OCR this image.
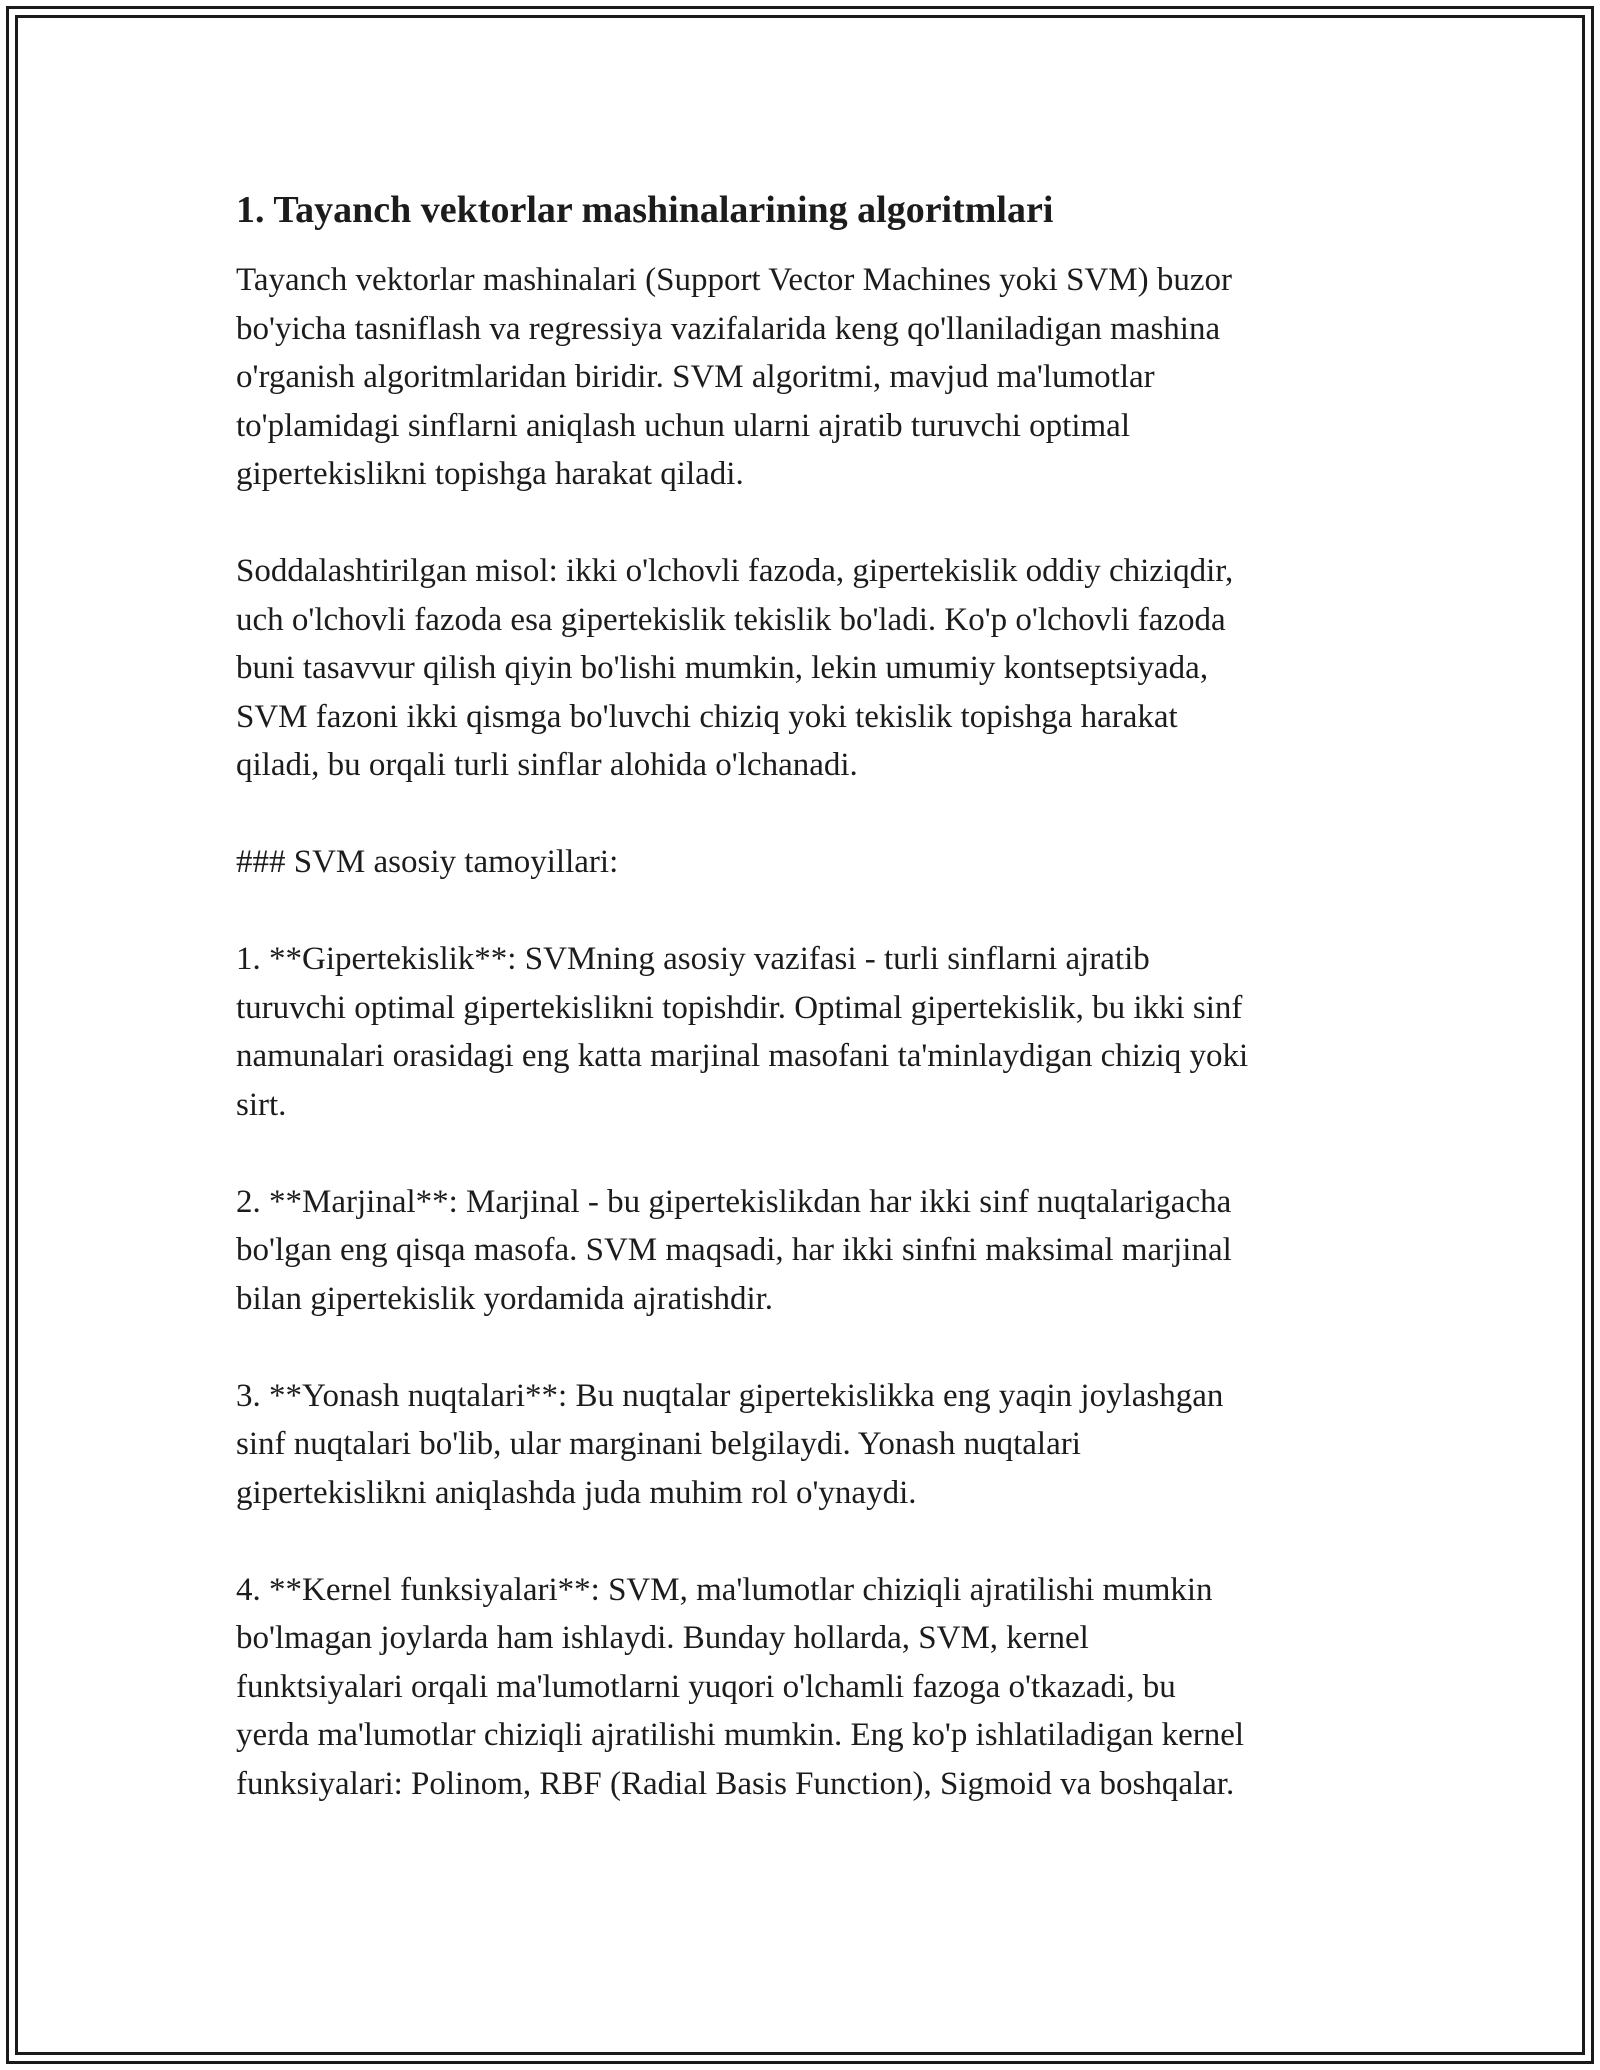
1. Tayanch vektorlar mashinalarining algoritmlari

Tayanch vektorlar mashinalari (Support Vector Machines yoki SVM) buzor
bo'yicha tasniflash va regressiya vazifalarida keng qo'llaniladigan mashina
o'rganish algoritmlaridan biridir. SVM algoritmi, mavjud ma'lumotlar
to'plamidagi sinflarni aniqlash uchun ularni ajratib turuvchi optimal
gipertekislikni topishga harakat qiladi.

Soddalashtirilgan misol: ikki o'lchovli fazoda, gipertekislik oddiy chiziqdir,
uch o'lchovli fazoda esa gipertekislik tekislik bo'ladi. Ko'p o'lchovli fazoda
buni tasavvur qilish qiyin bo'lishi mumkin, lekin umumiy kontseptsiyada,
SVM fazoni ikki qismga bo'luvchi chiziq yoki tekislik topishga harakat
qiladi, bu orqali turli sinflar alohida o'lchanadi.

### SVM asosiy tamoyillari:

1. **Gipertekislik**: SVMning asosiy vazifasi - turli sinflarni ajratib
turuvchi optimal gipertekislikni topishdir. Optimal gipertekislik, bu ikki sinf
namunalari orasidagi eng katta marjinal masofani ta'minlaydigan chiziq yoki
sirt.

2. **Marjinal**: Marjinal - bu gipertekislikdan har ikki sinf nuqtalarigacha
bo'lgan eng qisqa masofa. SVM maqsadi, har ikki sinfni maksimal marjinal
bilan gipertekislik yordamida ajratishdir.

3. **Yonash nuqtalari**: Bu nuqtalar gipertekislikka eng yaqin joylashgan
sinf nuqtalari bo'lib, ular marginani belgilaydi. Yonash nuqtalari
gipertekislikni aniqlashda juda muhim rol o'ynaydi.

4. **Kernel funksiyalari**: SVM, ma'lumotlar chiziqli ajratilishi mumkin
bo'lmagan joylarda ham ishlaydi. Bunday hollarda, SVM, kernel
funktsiyalari orqali ma'lumotlarni yuqori o'lchamli fazoga o'tkazadi, bu
yerda ma'lumotlar chiziqli ajratilishi mumkin. Eng ko'p ishlatiladigan kernel
funksiyalari: Polinom, RBF (Radial Basis Function), Sigmoid va boshqalar.
